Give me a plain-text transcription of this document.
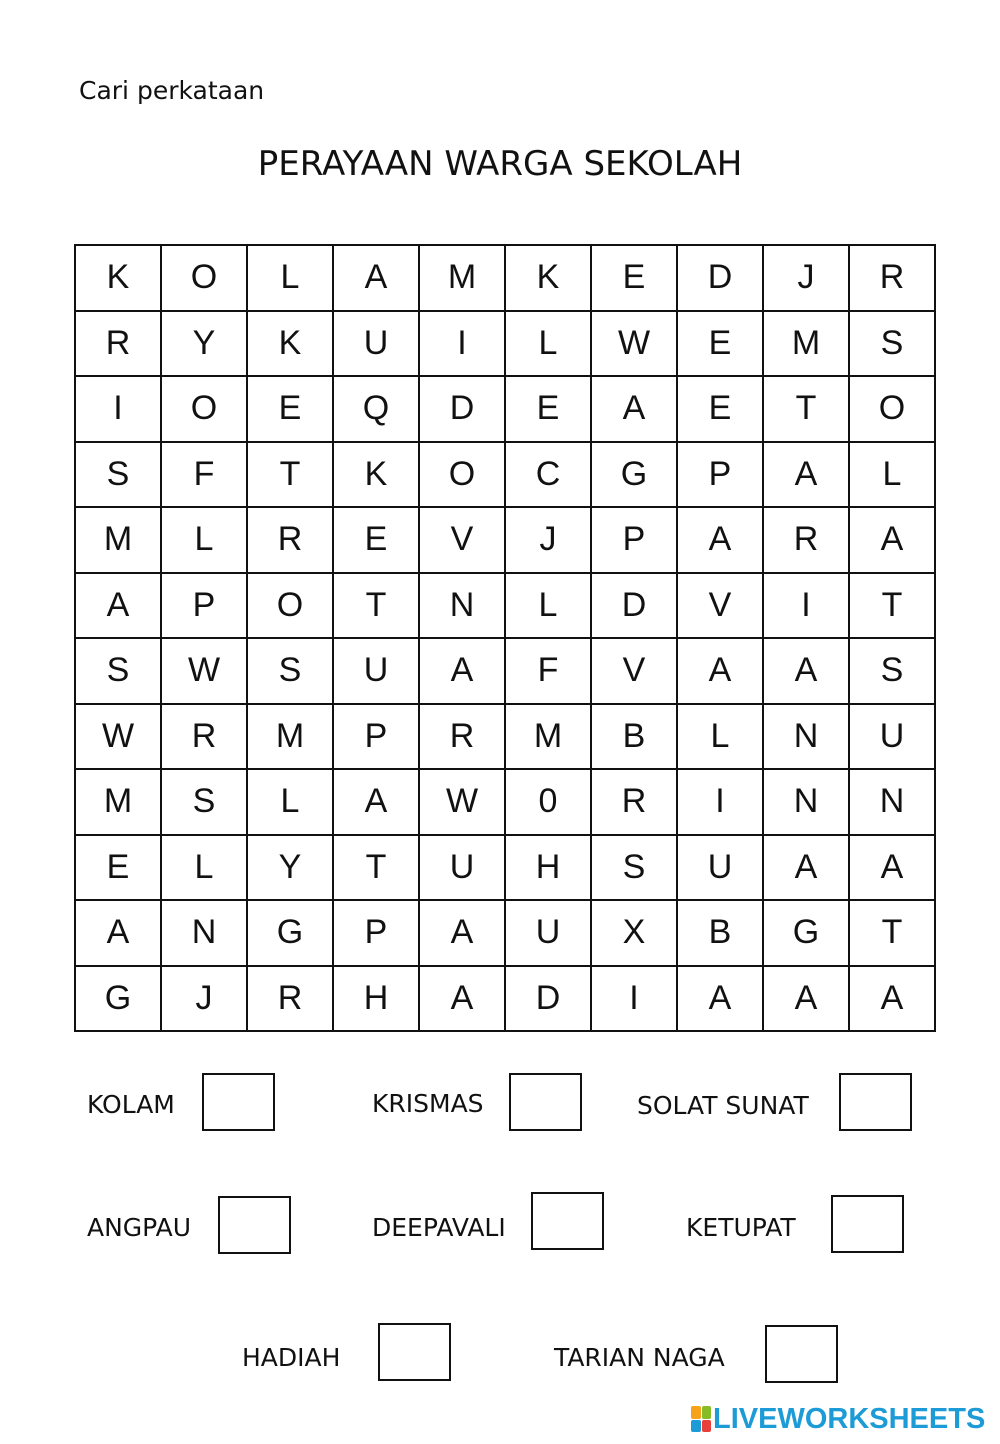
Cari perkataan
PERAYAAN WARGA SEKOLAH
K	O	L	A	M	K	E	D	J	R
R	Y	K	U	I	L	W	E	M	S
I	O	E	Q	D	E	A	E	T	O
S	F	T	K	O	C	G	P	A	L
M	L	R	E	V	J	P	A	R	A
A	P	O	T	N	L	D	V	I	T
S	W	S	U	A	F	V	A	A	S
W	R	M	P	R	M	B	L	N	U
M	S	L	A	W	0	R	I	N	N
E	L	Y	T	U	H	S	U	A	A
A	N	G	P	A	U	X	B	G	T
G	J	R	H	A	D	I	A	A	A
KOLAM	KRISMAS	SOLAT SUNAT
ANGPAU	DEEPAVALI	KETUPAT
HADIAH	TARIAN NAGA
LIVEWORKSHEETS
